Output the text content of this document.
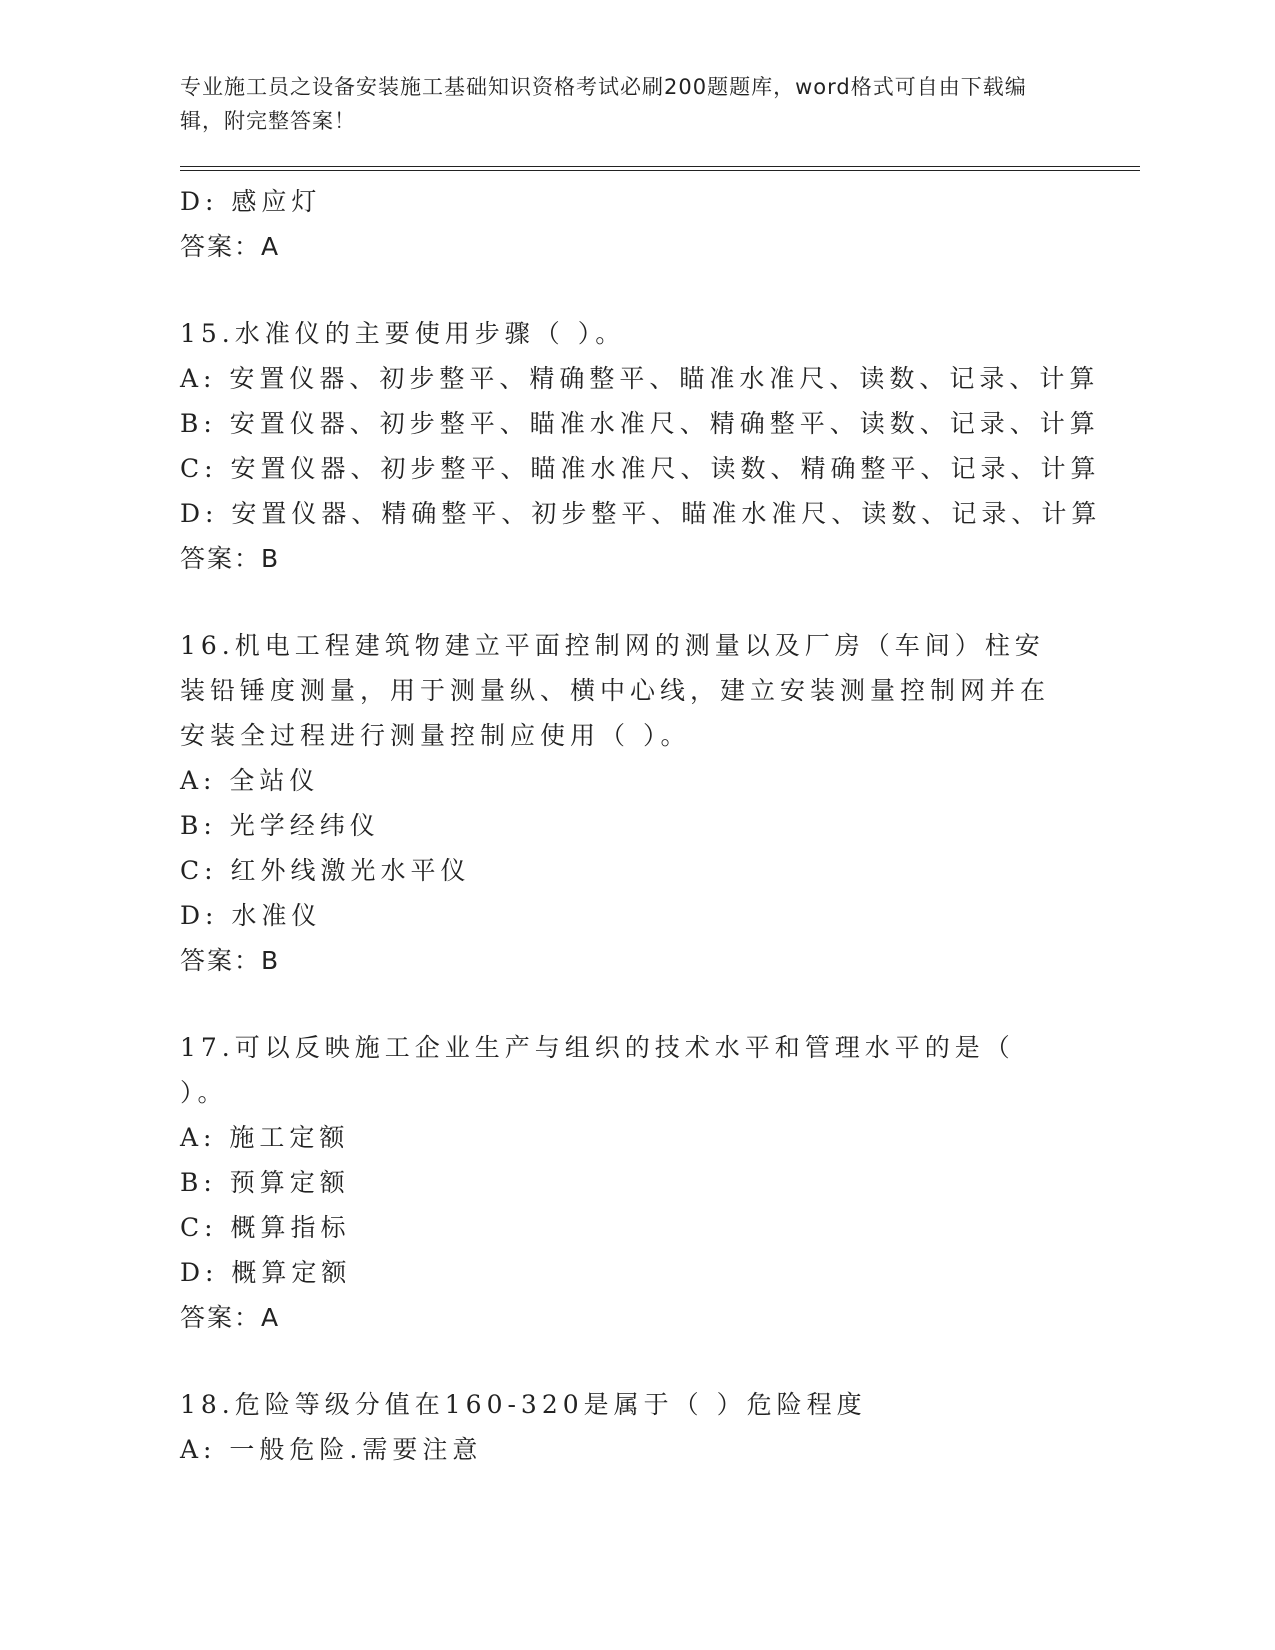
专业施工员之设备安装施工基础知识资格考试必刷200题题库，word格式可自由下载编辑，附完整答案！

D: 感应灯

答案：A

15.水准仪的主要使用步骤（ ）。

A: 安置仪器、初步整平、精确整平、瞄准水准尺、读数、记录、计算

B: 安置仪器、初步整平、瞄准水准尺、精确整平、读数、记录、计算

C: 安置仪器、初步整平、瞄准水准尺、读数、精确整平、记录、计算

D: 安置仪器、精确整平、初步整平、瞄准水准尺、读数、记录、计算

答案：B

16.机电工程建筑物建立平面控制网的测量以及厂房（车间）柱安装铅锤度测量，用于测量纵、横中心线，建立安装测量控制网并在安装全过程进行测量控制应使用（ ）。

A: 全站仪

B: 光学经纬仪

C: 红外线激光水平仪

D: 水准仪

答案：B

17.可以反映施工企业生产与组织的技术水平和管理水平的是（ ）。

A: 施工定额

B: 预算定额

C: 概算指标

D: 概算定额

答案：A

18.危险等级分值在160-320是属于（ ）危险程度

A: 一般危险.需要注意
